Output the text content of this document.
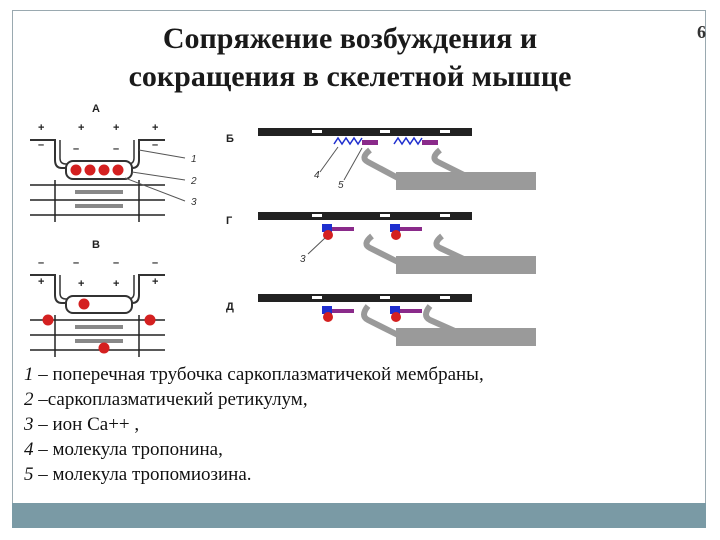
6
Сопряжение возбуждения и
сокращения в скелетной мышце
А
+	+	+	+
–	–	–	–
1
2
3
В
–	–	–	–
+	+	+	+
Б
4
5
Г
3
Д
1 – поперечная трубочка саркоплазматичекой мембраны,
2 –саркоплазматичекий ретикулум,
3 – ион Ca++ ,
4 – молекула тропонина,
5 – молекула тропомиозина.
